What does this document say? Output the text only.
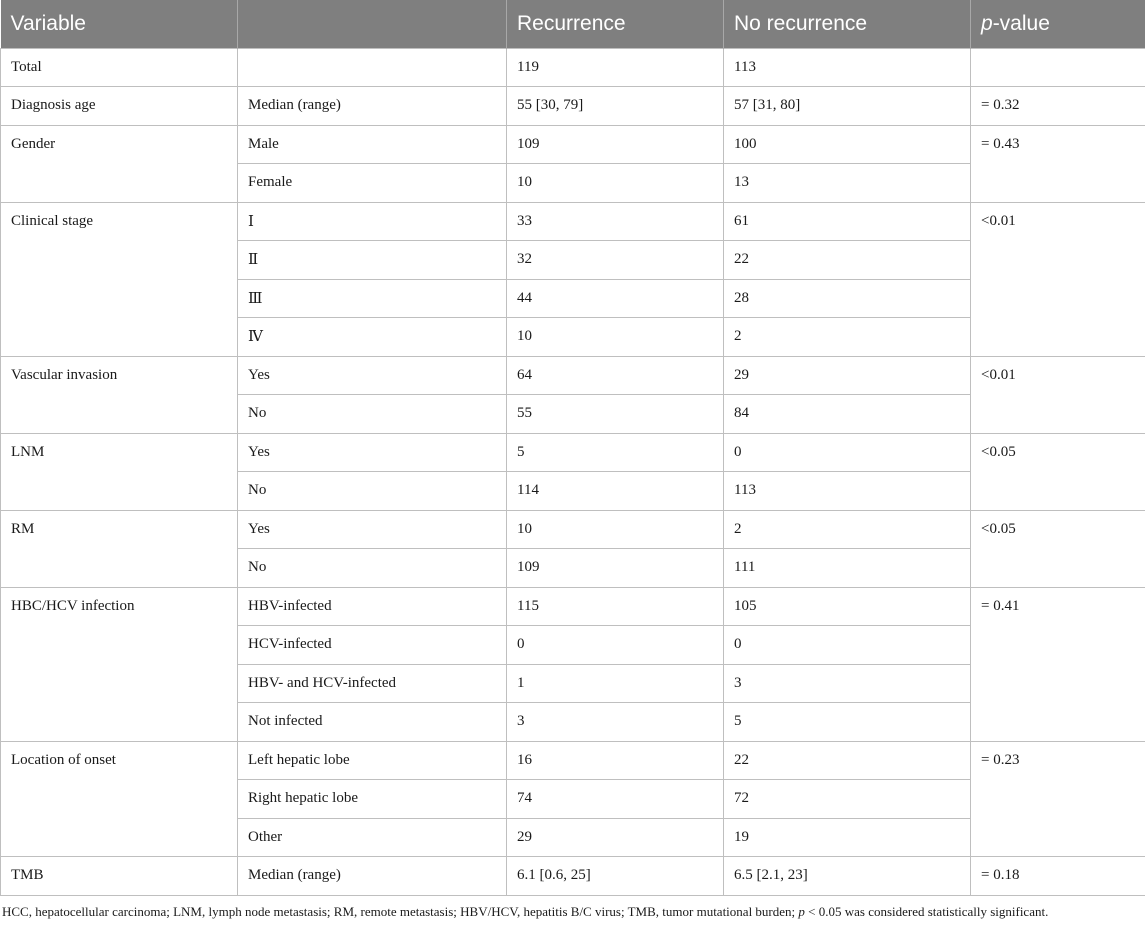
Variable		Recurrence	No recurrence	p-value
Total		119	113	
Diagnosis age	Median (range)	55 [30, 79]	57 [31, 80]	= 0.32
Gender	Male	109	100	= 0.43
	Female	10	13	
Clinical stage	Ⅰ	33	61	<0.01
	Ⅱ	32	22	
	Ⅲ	44	28	
	Ⅳ	10	2	
Vascular invasion	Yes	64	29	<0.01
	No	55	84	
LNM	Yes	5	0	<0.05
	No	114	113	
RM	Yes	10	2	<0.05
	No	109	111	
HBC/HCV infection	HBV-infected	115	105	= 0.41
	HCV-infected	0	0	
	HBV- and HCV-infected	1	3	
	Not infected	3	5	
Location of onset	Left hepatic lobe	16	22	= 0.23
	Right hepatic lobe	74	72	
	Other	29	19	
TMB	Median (range)	6.1 [0.6, 25]	6.5 [2.1, 23]	= 0.18
HCC, hepatocellular carcinoma; LNM, lymph node metastasis; RM, remote metastasis; HBV/HCV, hepatitis B/C virus; TMB, tumor mutational burden; p < 0.05 was considered statistically significant.
